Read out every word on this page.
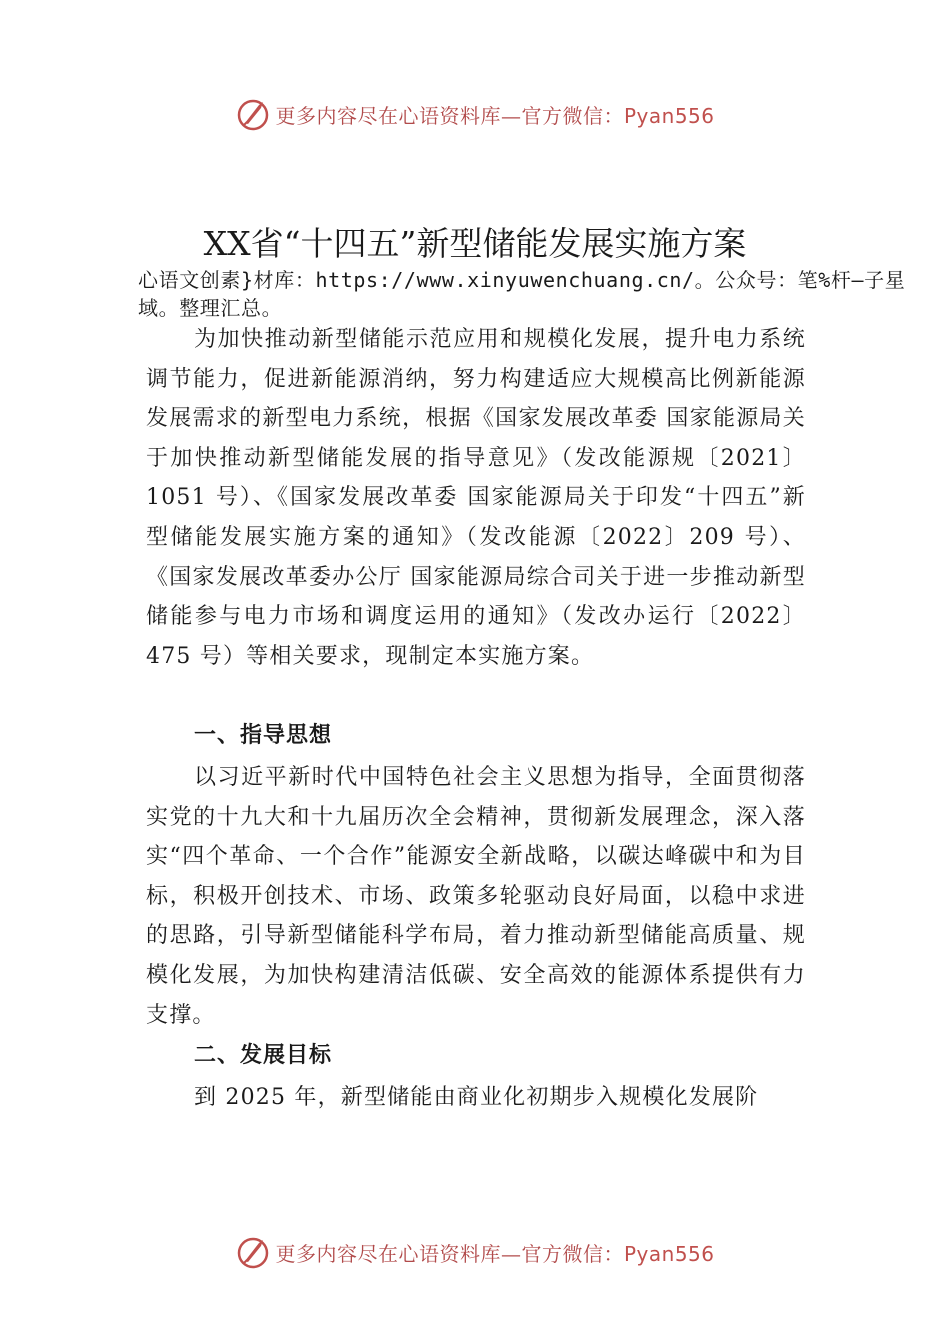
更多内容尽在心语资料库—官方微信：Pyan556
XX省“十四五”新型储能发展实施方案
心语文创素}材库：https://www.xinyuwenchuang.cn/。公众号：笔%杆—子星域。整理汇总。
为加快推动新型储能示范应用和规模化发展，提升电力系统调节能力，促进新能源消纳，努力构建适应大规模高比例新能源发展需求的新型电力系统，根据《国家发展改革委 国家能源局关于加快推动新型储能发展的指导意见》（发改能源规〔2021〕1051 号）、《国家发展改革委 国家能源局关于印发“十四五”新型储能发展实施方案的通知》（发改能源〔2022〕209 号）、《国家发展改革委办公厅 国家能源局综合司关于进一步推动新型储能参与电力市场和调度运用的通知》（发改办运行〔2022〕475 号）等相关要求，现制定本实施方案。
一、指导思想
以习近平新时代中国特色社会主义思想为指导，全面贯彻落实党的十九大和十九届历次全会精神，贯彻新发展理念，深入落实“四个革命、一个合作”能源安全新战略，以碳达峰碳中和为目标，积极开创技术、市场、政策多轮驱动良好局面，以稳中求进的思路，引导新型储能科学布局，着力推动新型储能高质量、规模化发展，为加快构建清洁低碳、安全高效的能源体系提供有力支撑。
二、发展目标
到 2025 年，新型储能由商业化初期步入规模化发展阶
更多内容尽在心语资料库—官方微信：Pyan556
